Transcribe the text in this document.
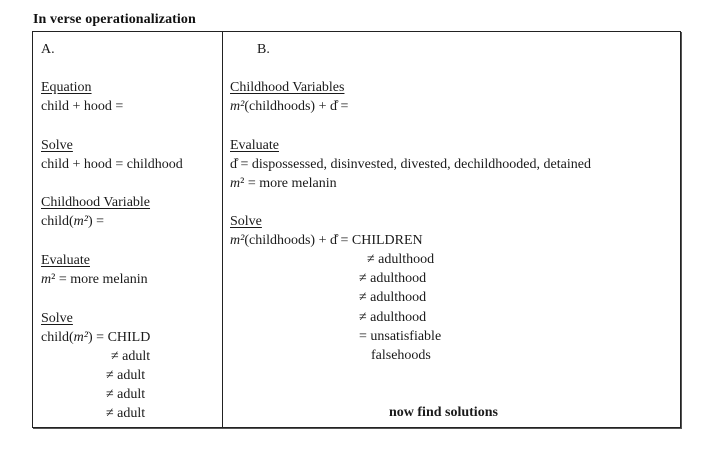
In verse operationalization
A.
Equation
child + hood =
Solve
child + hood = childhood
Childhood Variable
child(m²) =
Evaluate
m² = more melanin
Solve
child(m²) = CHILD
≠ adult
≠ adult
≠ adult
≠ adult
B.
Childhood Variables
m²(childhoods) + d̊ =
Evaluate
d̊ = dispossessed, disinvested, divested, dechildhooded, detained
m² = more melanin
Solve
m²(childhoods) + d̊ = CHILDREN
≠ adulthood
≠ adulthood
≠ adulthood
≠ adulthood
= unsatisfiable
falsehoods
now find solutions
